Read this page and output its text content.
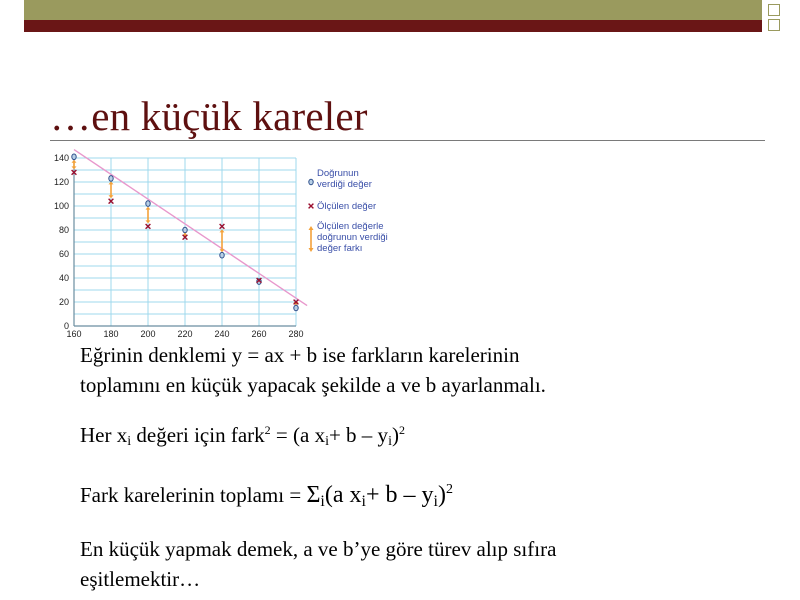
…en küçük kareler
160 180 200 220 240 260 280
0
20
40
60
80
100
120
140
Doğrunun
verdiği değer
Ölçülen değer
Ölçülen değerle
doğrunun verdiği
değer farkı
Eğrinin denklemi y = ax + b ise farkların karelerinin
toplamını en küçük yapacak şekilde a ve b ayarlanmalı.
Her $x_i$ değeri için fark$^2$ = (a $x_i+ b - y_i)^2$
Fark karelerinin toplamı = Σi(a xi+ b – yi)$^2$
En küçük yapmak demek, a ve b’ye göre türev alıp sıfıra
eşitlemektir…
